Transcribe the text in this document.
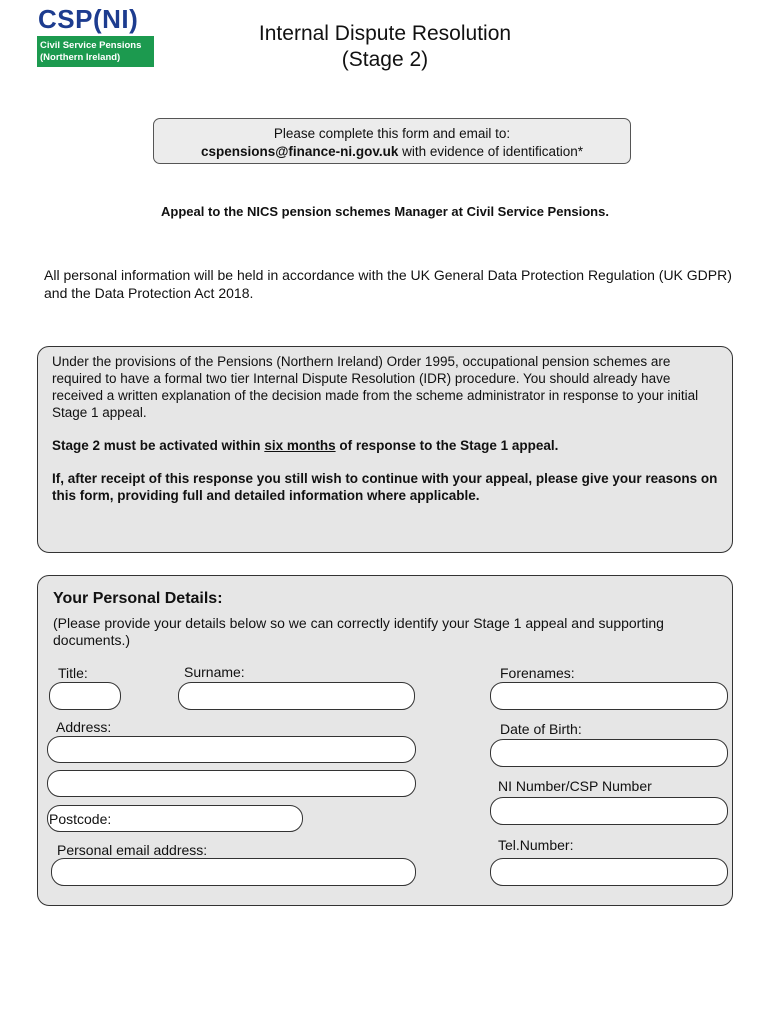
CSP(NI)
Civil Service Pensions
(Northern Ireland)
Internal Dispute Resolution
(Stage 2)
Please complete this form and email to:
cspensions@finance-ni.gov.uk with evidence of identification*
Appeal to the NICS pension schemes Manager at Civil Service Pensions.
All personal information will be held in accordance with the UK General Data Protection Regulation (UK GDPR) and the Data Protection Act 2018.

Under the provisions of the Pensions (Northern Ireland) Order 1995, occupational pension schemes are required to have a formal two tier Internal Dispute Resolution (IDR) procedure. You should already have received a written explanation of the decision made from the scheme administrator in response to your initial Stage 1 appeal.

Stage 2 must be activated within six months of response to the Stage 1 appeal.

If, after receipt of this response you still wish to continue with your appeal, please give your reasons on this form, providing full and detailed information where applicable.

Your Personal Details:
(Please provide your details below so we can correctly identify your Stage 1 appeal and supporting documents.)
Title:	Surname:	Forenames:
Address:	Date of Birth:
NI Number/CSP Number
Postcode:
Personal email address:	Tel.Number:
